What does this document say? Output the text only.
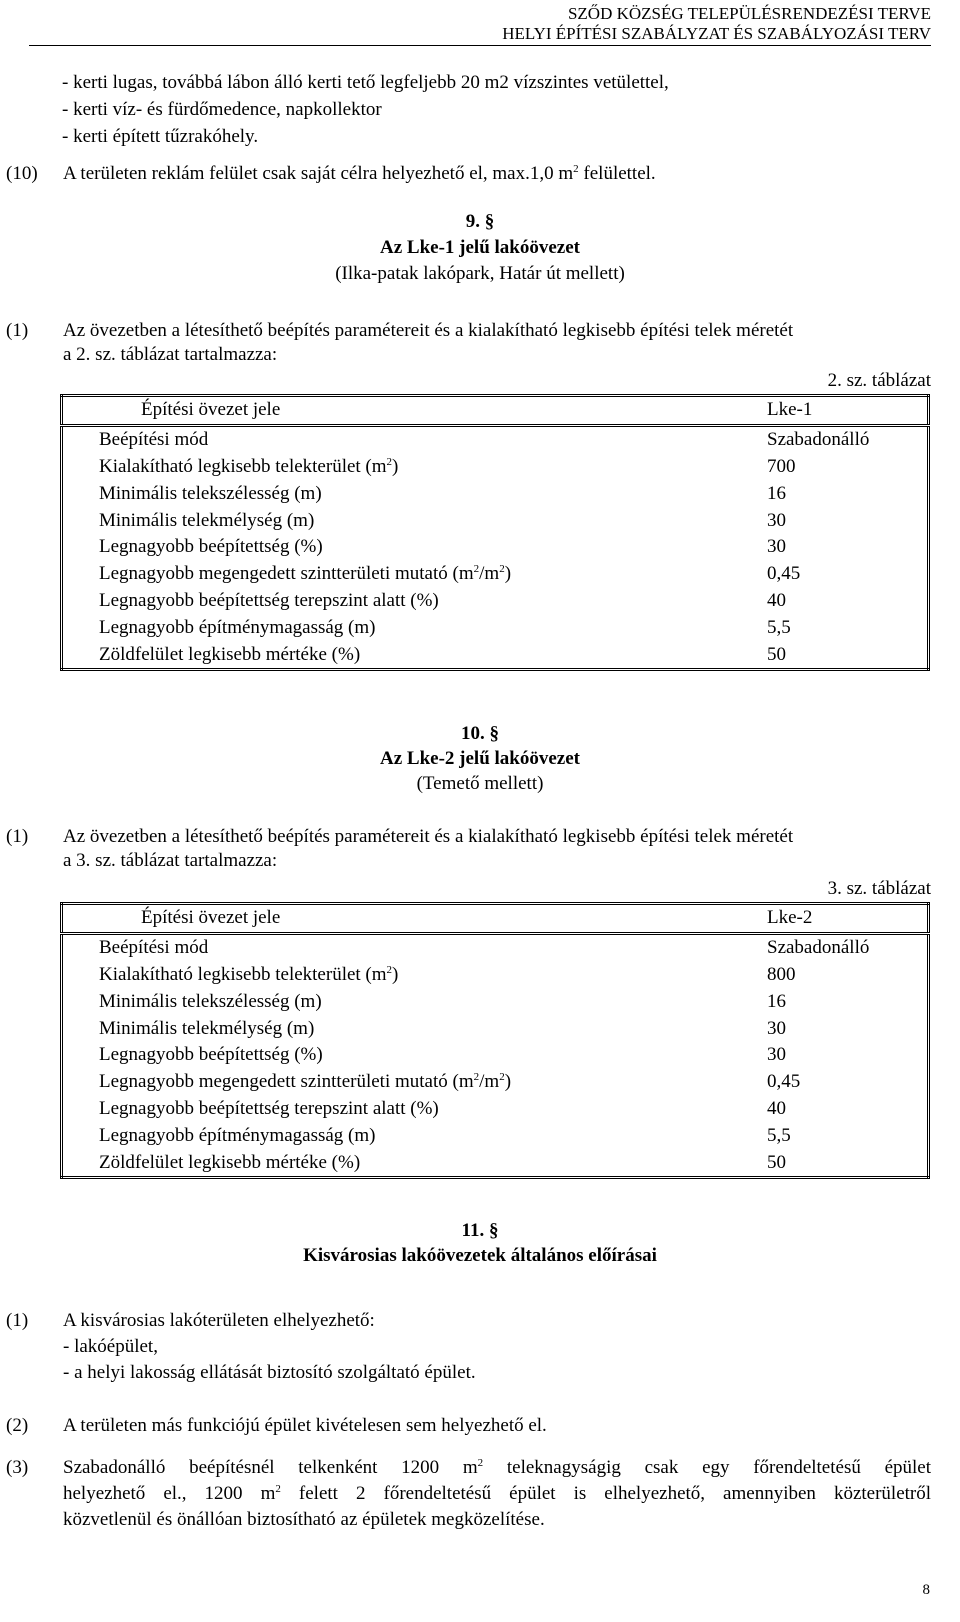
SZŐD KÖZSÉG TELEPÜLÉSRENDEZÉSI TERVE
HELYI ÉPÍTÉSI SZABÁLYZAT ÉS SZABÁLYOZÁSI TERV
- kerti lugas, továbbá lábon álló kerti tető legfeljebb 20 m2 vízszintes vetülettel,
- kerti víz- és fürdőmedence, napkollektor
- kerti épített tűzrakóhely.
(10) A területen reklám felület csak saját célra helyezhető el, max.1,0 $m^2$ felülettel.
9. §
Az Lke-1 jelű lakóövezet
(Ilka-patak lakópark, Határ út mellett)
(1) Az övezetben a létesíthető beépítés paramétereit és a kialakítható legkisebb építési telek méretét
a 2. sz. táblázat tartalmazza:
2. sz. táblázat
Építési övezet jele	Lke-1
Beépítési mód	Szabadonálló
Kialakítható legkisebb telekterület $(m^2)$	700
Minimális telekszélesség (m)	16
Minimális telekmélység (m)	30
Legnagyobb beépítettség (%)	30
Legnagyobb megengedett szintterületi mutató $(m^2/m^2)$	0,45
Legnagyobb beépítettség terepszint alatt (%)	40
Legnagyobb építménymagasság (m)	5,5
Zöldfelület legkisebb mértéke (%)	50
10. §
Az Lke-2 jelű lakóövezet
(Temető mellett)
(1) Az övezetben a létesíthető beépítés paramétereit és a kialakítható legkisebb építési telek méretét
a 3. sz. táblázat tartalmazza:
3. sz. táblázat
Építési övezet jele	Lke-2
Beépítési mód	Szabadonálló
Kialakítható legkisebb telekterület $(m^2)$	800
Minimális telekszélesség (m)	16
Minimális telekmélység (m)	30
Legnagyobb beépítettség (%)	30
Legnagyobb megengedett szintterületi mutató $(m^2/m^2)$	0,45
Legnagyobb beépítettség terepszint alatt (%)	40
Legnagyobb építménymagasság (m)	5,5
Zöldfelület legkisebb mértéke (%)	50
11. §
Kisvárosias lakóövezetek általános előírásai
(1) A kisvárosias lakóterületen elhelyezhető:
- lakóépület,
- a helyi lakosság ellátását biztosító szolgáltató épület.
(2) A területen más funkciójú épület kivételesen sem helyezhető el.
(3) Szabadonálló beépítésnél telkenként 1200 $m^2$ teleknagyságig csak egy főrendeltetésű épület
helyezhető el., 1200 $m^2$ felett 2 főrendeltetésű épület is elhelyezhető, amennyiben közterületről
közvetlenül és önállóan biztosítható az épületek megközelítése.
8
